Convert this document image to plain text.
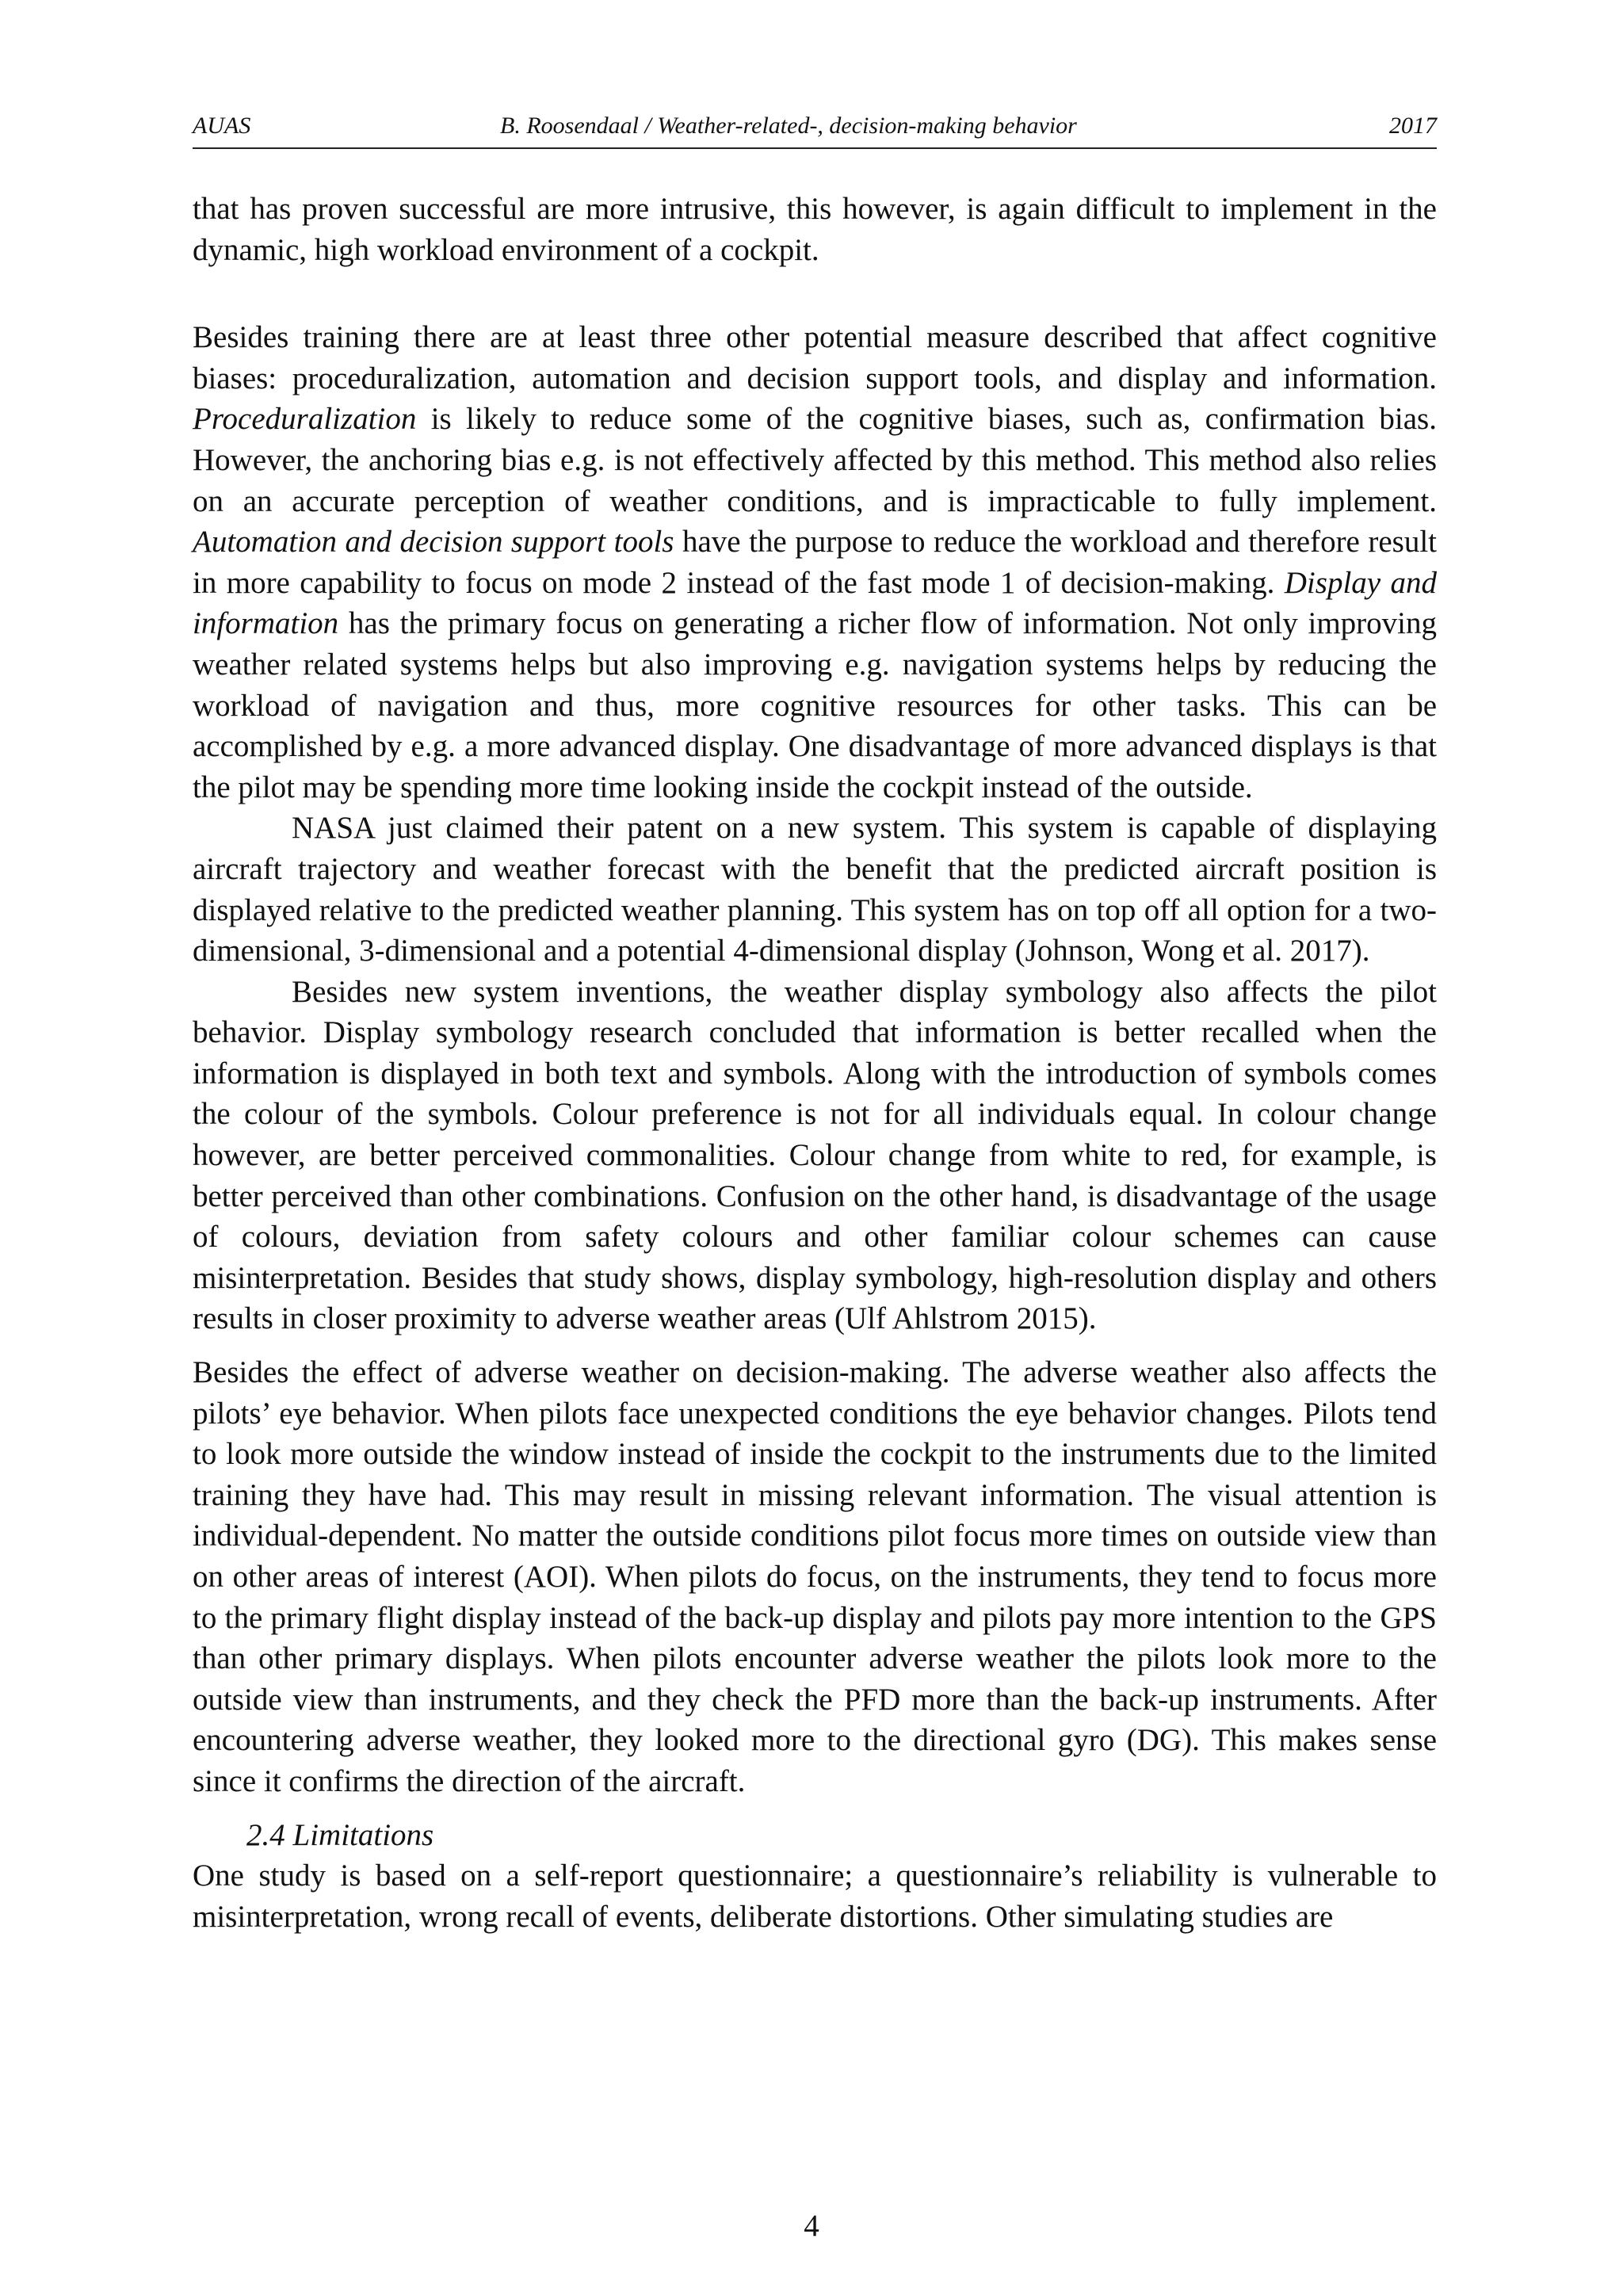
AUAS	B. Roosendaal / Weather-related-, decision-making behavior	2017

that has proven successful are more intrusive, this however, is again difficult to implement in the dynamic, high workload environment of a cockpit.

Besides training there are at least three other potential measure described that affect cognitive biases: proceduralization, automation and decision support tools, and display and information. Proceduralization is likely to reduce some of the cognitive biases, such as, confirmation bias. However, the anchoring bias e.g. is not effectively affected by this method. This method also relies on an accurate perception of weather conditions, and is impracticable to fully implement. Automation and decision support tools have the purpose to reduce the workload and therefore result in more capability to focus on mode 2 instead of the fast mode 1 of decision-making. Display and information has the primary focus on generating a richer flow of information. Not only improving weather related systems helps but also improving e.g. navigation systems helps by reducing the workload of navigation and thus, more cognitive resources for other tasks. This can be accomplished by e.g. a more advanced display. One disadvantage of more advanced displays is that the pilot may be spending more time looking inside the cockpit instead of the outside.

NASA just claimed their patent on a new system. This system is capable of displaying aircraft trajectory and weather forecast with the benefit that the predicted aircraft position is displayed relative to the predicted weather planning. This system has on top off all option for a two-dimensional, 3-dimensional and a potential 4-dimensional display (Johnson, Wong et al. 2017).

Besides new system inventions, the weather display symbology also affects the pilot behavior. Display symbology research concluded that information is better recalled when the information is displayed in both text and symbols. Along with the introduction of symbols comes the colour of the symbols. Colour preference is not for all individuals equal. In colour change however, are better perceived commonalities. Colour change from white to red, for example, is better perceived than other combinations. Confusion on the other hand, is disadvantage of the usage of colours, deviation from safety colours and other familiar colour schemes can cause misinterpretation. Besides that study shows, display symbology, high-resolution display and others results in closer proximity to adverse weather areas (Ulf Ahlstrom 2015).

Besides the effect of adverse weather on decision-making. The adverse weather also affects the pilots’ eye behavior. When pilots face unexpected conditions the eye behavior changes. Pilots tend to look more outside the window instead of inside the cockpit to the instruments due to the limited training they have had. This may result in missing relevant information. The visual attention is individual-dependent. No matter the outside conditions pilot focus more times on outside view than on other areas of interest (AOI). When pilots do focus, on the instruments, they tend to focus more to the primary flight display instead of the back-up display and pilots pay more intention to the GPS than other primary displays. When pilots encounter adverse weather the pilots look more to the outside view than instruments, and they check the PFD more than the back-up instruments. After encountering adverse weather, they looked more to the directional gyro (DG). This makes sense since it confirms the direction of the aircraft.

2.4 Limitations

One study is based on a self-report questionnaire; a questionnaire’s reliability is vulnerable to misinterpretation, wrong recall of events, deliberate distortions. Other simulating studies are

4
